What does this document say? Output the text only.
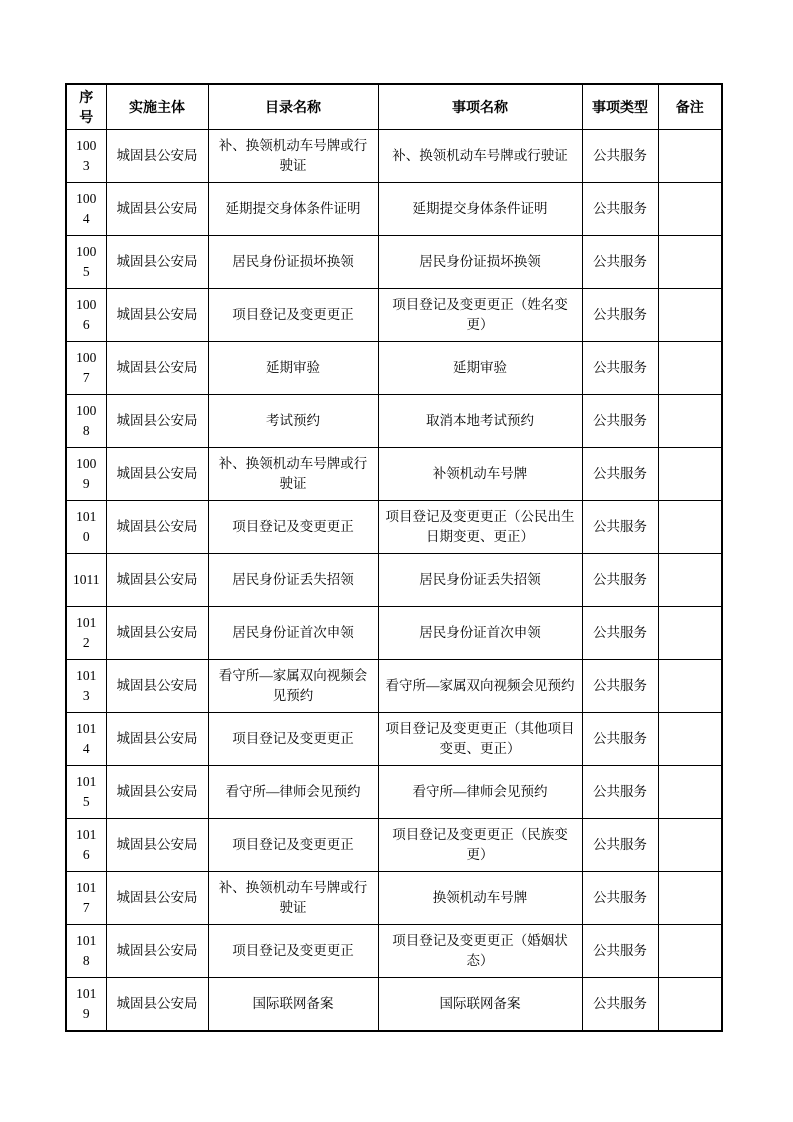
序号	实施主体	目录名称	事项名称	事项类型	备注
1003	城固县公安局	补、换领机动车号牌或行驶证	补、换领机动车号牌或行驶证	公共服务	
1004	城固县公安局	延期提交身体条件证明	延期提交身体条件证明	公共服务	
1005	城固县公安局	居民身份证损坏换领	居民身份证损坏换领	公共服务	
1006	城固县公安局	项目登记及变更更正	项目登记及变更更正（姓名变更）	公共服务	
1007	城固县公安局	延期审验	延期审验	公共服务	
1008	城固县公安局	考试预约	取消本地考试预约	公共服务	
1009	城固县公安局	补、换领机动车号牌或行驶证	补领机动车号牌	公共服务	
1010	城固县公安局	项目登记及变更更正	项目登记及变更更正（公民出生日期变更、更正）	公共服务	
1011	城固县公安局	居民身份证丢失招领	居民身份证丢失招领	公共服务	
1012	城固县公安局	居民身份证首次申领	居民身份证首次申领	公共服务	
1013	城固县公安局	看守所—家属双向视频会见预约	看守所—家属双向视频会见预约	公共服务	
1014	城固县公安局	项目登记及变更更正	项目登记及变更更正（其他项目变更、更正）	公共服务	
1015	城固县公安局	看守所—律师会见预约	看守所—律师会见预约	公共服务	
1016	城固县公安局	项目登记及变更更正	项目登记及变更更正（民族变更）	公共服务	
1017	城固县公安局	补、换领机动车号牌或行驶证	换领机动车号牌	公共服务	
1018	城固县公安局	项目登记及变更更正	项目登记及变更更正（婚姻状态）	公共服务	
1019	城固县公安局	国际联网备案	国际联网备案	公共服务	
